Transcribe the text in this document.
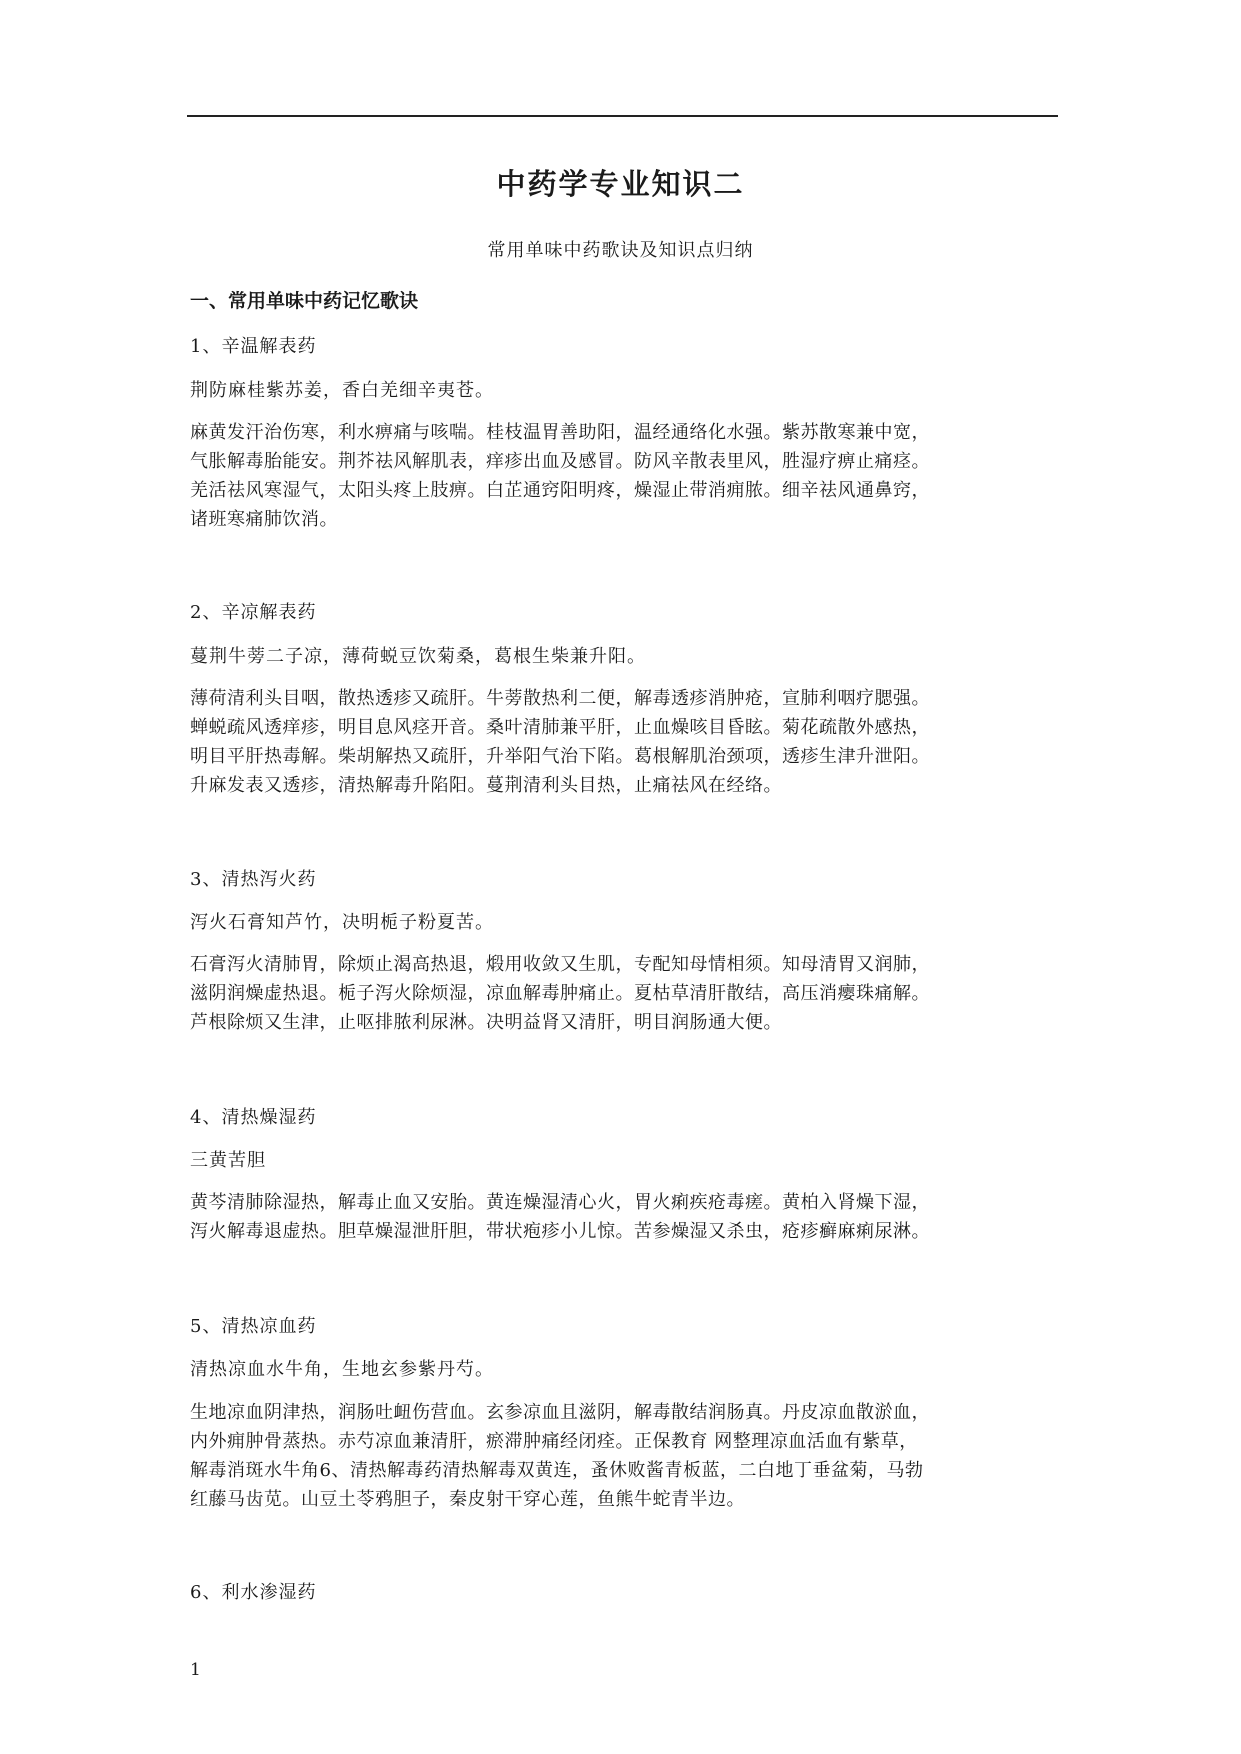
中药学专业知识二
常用单味中药歌诀及知识点归纳
一、常用单味中药记忆歌诀
1、辛温解表药
荆防麻桂紫苏姜，香白羌细辛夷苍。
麻黄发汗治伤寒，利水痹痛与咳喘。桂枝温胃善助阳，温经通络化水强。紫苏散寒兼中宽，
气胀解毒胎能安。荆芥祛风解肌表，痒疹出血及感冒。防风辛散表里风，胜湿疗痹止痛痉。
羌活祛风寒湿气，太阳头疼上肢痹。白芷通窍阳明疼，燥湿止带消痈脓。细辛祛风通鼻窍，
诸班寒痛肺饮消。
2、辛凉解表药
蔓荆牛蒡二子凉，薄荷蜕豆饮菊桑，葛根生柴兼升阳。
薄荷清利头目咽，散热透疹又疏肝。牛蒡散热利二便，解毒透疹消肿疮，宣肺利咽疗腮强。
蝉蜕疏风透痒疹，明目息风痉开音。桑叶清肺兼平肝，止血燥咳目昏眩。菊花疏散外感热，
明目平肝热毒解。柴胡解热又疏肝，升举阳气治下陷。葛根解肌治颈项，透疹生津升泄阳。
升麻发表又透疹，清热解毒升陷阳。蔓荆清利头目热，止痛祛风在经络。
3、清热泻火药
泻火石膏知芦竹，决明栀子粉夏苦。
石膏泻火清肺胃，除烦止渴高热退，煅用收敛又生肌，专配知母情相须。知母清胃又润肺，
滋阴润燥虚热退。栀子泻火除烦湿，凉血解毒肿痛止。夏枯草清肝散结，高压消瘿珠痛解。
芦根除烦又生津，止呕排脓利尿淋。决明益肾又清肝，明目润肠通大便。
4、清热燥湿药
三黄苦胆
黄芩清肺除湿热，解毒止血又安胎。黄连燥湿清心火，胃火痢疾疮毒瘥。黄柏入肾燥下湿，
泻火解毒退虚热。胆草燥湿泄肝胆，带状疱疹小儿惊。苦参燥湿又杀虫，疮疹癣麻痢尿淋。
5、清热凉血药
清热凉血水牛角，生地玄参紫丹芍。
生地凉血阴津热，润肠吐衄伤营血。玄参凉血且滋阴，解毒散结润肠真。丹皮凉血散淤血，
内外痈肿骨蒸热。赤芍凉血兼清肝，瘀滞肿痛经闭痊。正保教育 网整理凉血活血有紫草，
解毒消斑水牛角6、清热解毒药清热解毒双黄连，蚤休败酱青板蓝，二白地丁垂盆菊，马勃
红藤马齿苋。山豆土苓鸦胆子，秦皮射干穿心莲，鱼熊牛蛇青半边。
6、利水渗湿药
1
